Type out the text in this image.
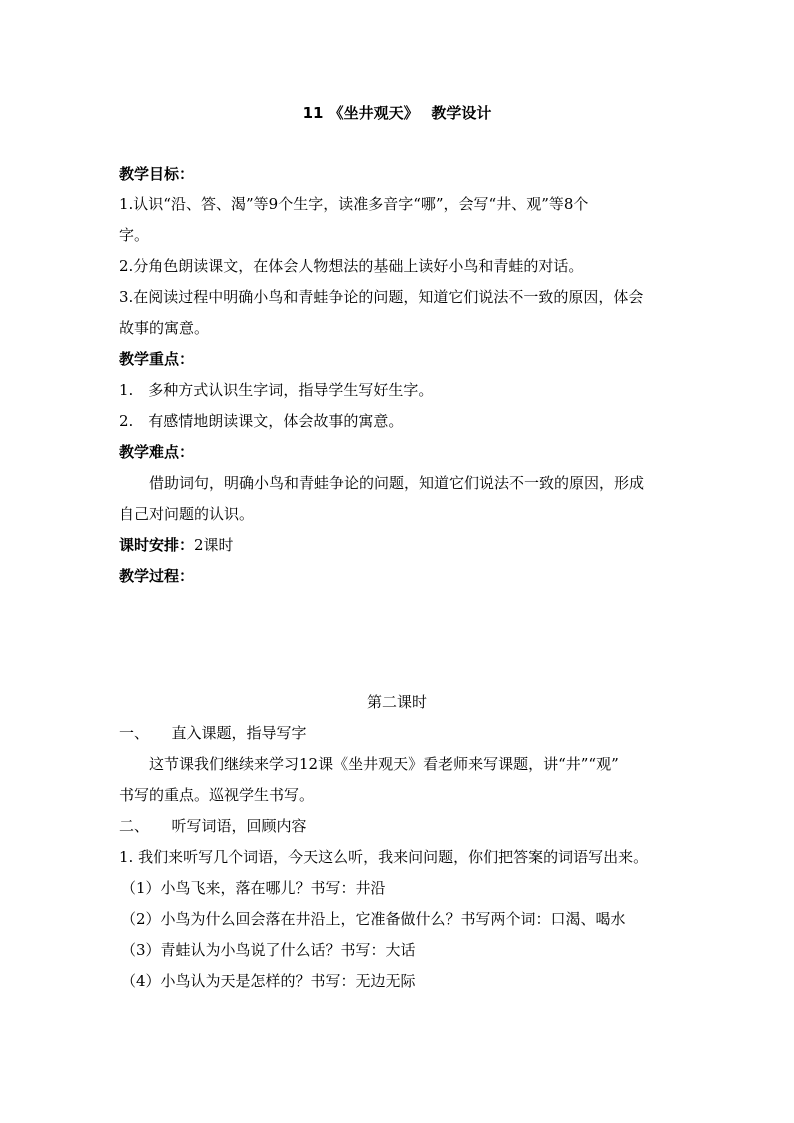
11 《坐井观天》　 教学设计
教学目标：
1.认识“沿、答、渴”等9个生字，读准多音字“哪”，会写“井、观”等8个
字。
2.分角色朗读课文，在体会人物想法的基础上读好小鸟和青蛙的对话。
3.在阅读过程中明确小鸟和青蛙争论的问题，知道它们说法不一致的原因，体会
故事的寓意。
教学重点：
1.　多种方式认识生字词，指导学生写好生字。
2.　有感情地朗读课文，体会故事的寓意。
教学难点：
借助词句，明确小鸟和青蛙争论的问题，知道它们说法不一致的原因，形成
自己对问题的认识。
课时安排：2课时
教学过程：
第二课时
一、　　直入课题，指导写字
这节课我们继续来学习12课《坐井观天》看老师来写课题，讲“井”“观”
书写的重点。巡视学生书写。
二、　　听写词语，回顾内容
1. 我们来听写几个词语，今天这么听，我来问问题，你们把答案的词语写出来。
（1）小鸟飞来，落在哪儿？书写：井沿
（2）小鸟为什么回会落在井沿上，它准备做什么？书写两个词：口渴、喝水
（3）青蛙认为小鸟说了什么话？书写：大话
（4）小鸟认为天是怎样的？书写：无边无际
